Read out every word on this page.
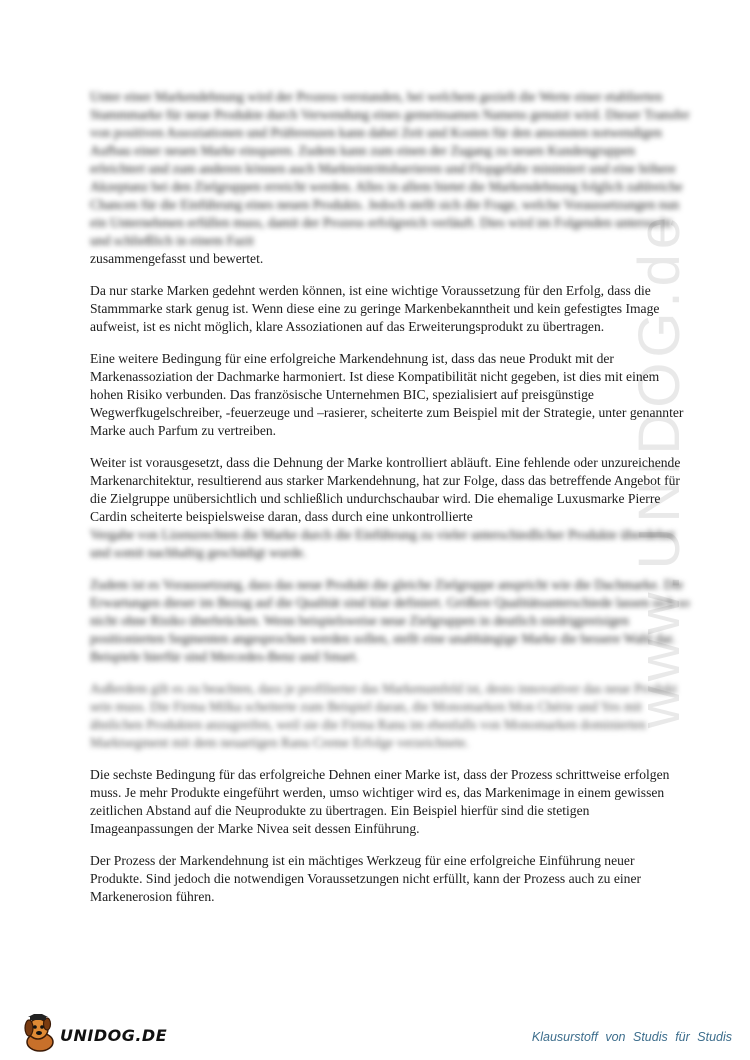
www.UNIDOG.de

Unter einer Markendehnung wird der Prozess verstanden, bei welchem gezielt die Werte einer etablierten Stammmarke für neue Produkte durch Verwendung eines gemeinsamen Namens genutzt wird. Dieser Transfer von positiven Assoziationen und Präferenzen kann dabei Zeit und Kosten für den ansonsten notwendigen Aufbau einer neuen Marke einsparen. Zudem kann zum einen der Zugang zu neuen Kundengruppen erleichtert und zum anderen können auch Markteintrittsbarrieren und Flopgefahr minimiert und eine höhere Akzeptanz bei den Zielgruppen erreicht werden. Alles in allem bietet die Markendehnung folglich zahlreiche Chancen für die Einführung eines neuen Produkts. Jedoch stellt sich die Frage, welche Voraussetzungen nun ein Unternehmen erfüllen muss, damit der Prozess erfolgreich verläuft. Dies wird im Folgenden untersucht und schließlich in einem Fazit

zusammengefasst und bewertet.

Da nur starke Marken gedehnt werden können, ist eine wichtige Voraussetzung für den Erfolg, dass die Stammmarke stark genug ist. Wenn diese eine zu geringe Markenbekanntheit und kein gefestigtes Image aufweist, ist es nicht möglich, klare Assoziationen auf das Erweiterungsprodukt zu übertragen.

Eine weitere Bedingung für eine erfolgreiche Markendehnung ist, dass das neue Produkt mit der Markenassoziation der Dachmarke harmoniert. Ist diese Kompatibilität nicht gegeben, ist dies mit einem hohen Risiko verbunden. Das französische Unternehmen BIC, spezialisiert auf preisgünstige Wegwerfkugelschreiber, -feuerzeuge und –rasierer, scheiterte zum Beispiel mit der Strategie, unter genannter Marke auch Parfum zu vertreiben.

Weiter ist vorausgesetzt, dass die Dehnung der Marke kontrolliert abläuft. Eine fehlende oder unzureichende Markenarchitektur, resultierend aus starker Markendehnung, hat zur Folge, dass das betreffende Angebot für die Zielgruppe unübersichtlich und schließlich undurchschaubar wird. Die ehemalige Luxusmarke Pierre Cardin scheiterte beispielsweise daran, dass durch eine unkontrollierte

Vergabe von Lizenzrechten die Marke durch die Einführung zu vieler unterschiedlicher Produkte überdehnt und somit nachhaltig geschädigt wurde.

Zudem ist es Voraussetzung, dass das neue Produkt die gleiche Zielgruppe anspricht wie die Dachmarke. Die Erwartungen dieser im Bezug auf die Qualität sind klar definiert. Größere Qualitätsunterschiede lassen sich so nicht ohne Risiko überbrücken. Wenn beispielsweise neue Zielgruppen in deutlich niedrigpreisigen positionierten Segmenten angesprochen werden sollen, stellt eine unabhängige Marke die bessere Wahl dar. Beispiele hierfür sind Mercedes-Benz und Smart.

Außerdem gilt es zu beachten, dass je profilierter das Markenumfeld ist, desto innovativer das neue Produkt sein muss. Die Firma Milka scheiterte zum Beispiel daran, die Monomarken Mon Chérie und Yes mit ähnlichen Produkten anzugreifen, weil sie die Firma Ranu im ebenfalls von Monomarken dominierten Marktsegment mit dem neuartigen Ranu Creme Erfolge verzeichnete.

Die sechste Bedingung für das erfolgreiche Dehnen einer Marke ist, dass der Prozess schrittweise erfolgen muss. Je mehr Produkte eingeführt werden, umso wichtiger wird es, das Markenimage in einem gewissen zeitlichen Abstand auf die Neuprodukte zu übertragen. Ein Beispiel hierfür sind die stetigen Imageanpassungen der Marke Nivea seit dessen Einführung.

Der Prozess der Markendehnung ist ein mächtiges Werkzeug für eine erfolgreiche Einführung neuer Produkte. Sind jedoch die notwendigen Voraussetzungen nicht erfüllt, kann der Prozess auch zu einer Markenerosion führen.

UNIDOG.DE	Klausurstoff von Studis für Studis
